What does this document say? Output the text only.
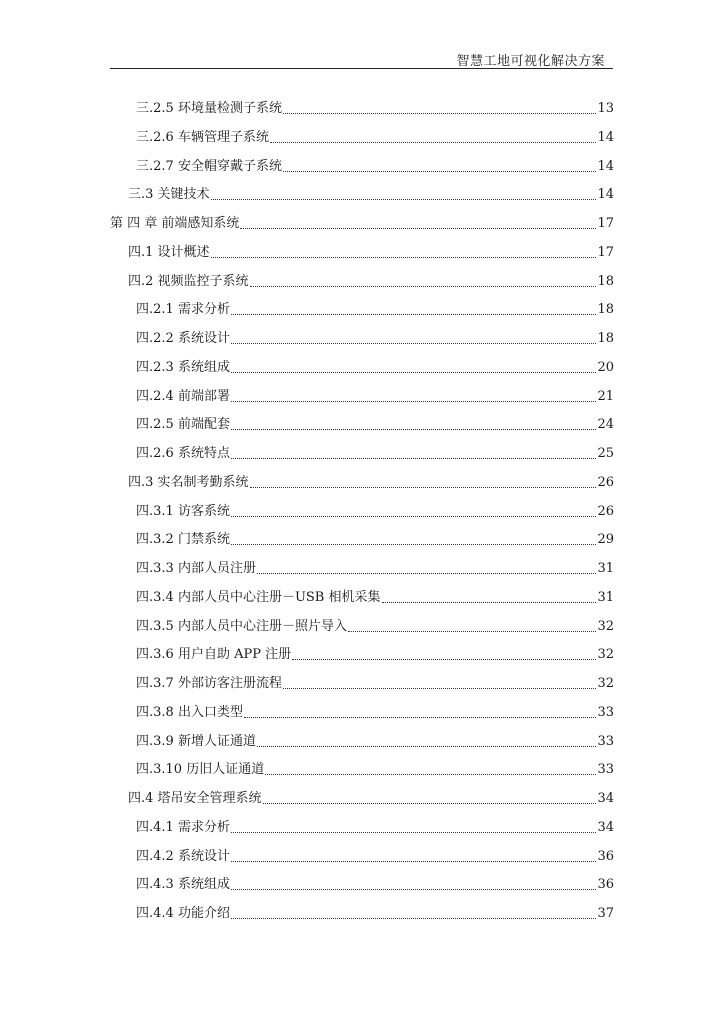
智慧工地可视化解决方案
三.2.5 环境量检测子系统	13
三.2.6 车辆管理子系统	14
三.2.7 安全帽穿戴子系统	14
三.3 关键技术	14
第 四 章 前端感知系统	17
四.1 设计概述	17
四.2 视频监控子系统	18
四.2.1 需求分析	18
四.2.2 系统设计	18
四.2.3 系统组成	20
四.2.4 前端部署	21
四.2.5 前端配套	24
四.2.6 系统特点	25
四.3 实名制考勤系统	26
四.3.1 访客系统	26
四.3.2 门禁系统	29
四.3.3 内部人员注册	31
四.3.4 内部人员中心注册－USB 相机采集	31
四.3.5 内部人员中心注册－照片导入	32
四.3.6 用户自助 APP 注册	32
四.3.7 外部访客注册流程	32
四.3.8 出入口类型	33
四.3.9 新增人证通道	33
四.3.10 历旧人证通道	33
四.4 塔吊安全管理系统	34
四.4.1 需求分析	34
四.4.2 系统设计	36
四.4.3 系统组成	36
四.4.4 功能介绍	37
